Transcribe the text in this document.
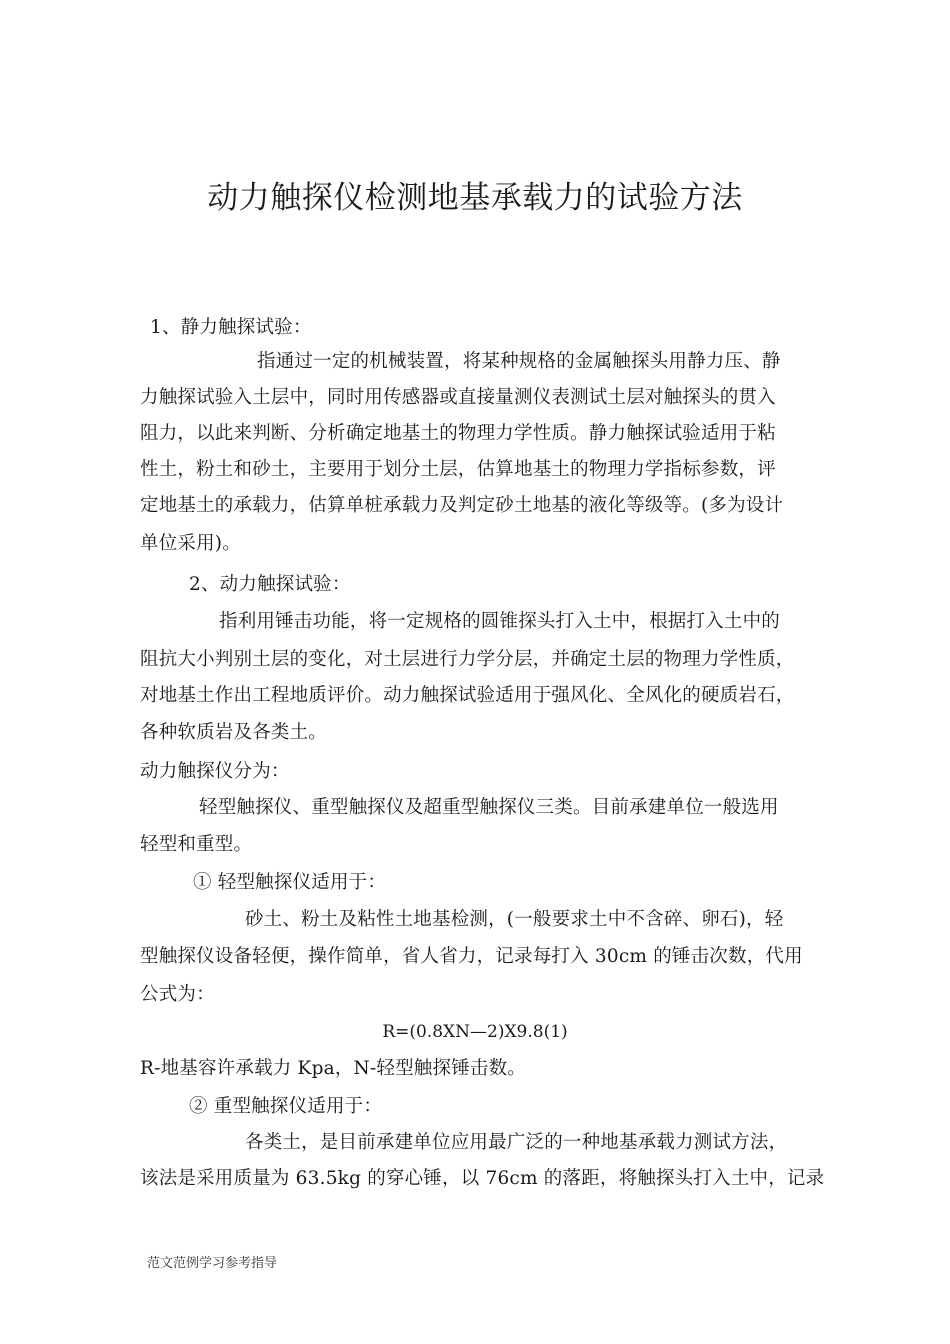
动力触探仪检测地基承载力的试验方法
1、静力触探试验：
指通过一定的机械装置，将某种规格的金属触探头用静力压、静
力触探试验入土层中，同时用传感器或直接量测仪表测试土层对触探头的贯入
阻力，以此来判断、分析确定地基土的物理力学性质。静力触探试验适用于粘
性土，粉土和砂土，主要用于划分土层，估算地基土的物理力学指标参数，评
定地基土的承载力，估算单桩承载力及判定砂土地基的液化等级等。(多为设计
单位采用)。
2、动力触探试验：
指利用锤击功能，将一定规格的圆锥探头打入土中，根据打入土中的
阻抗大小判别土层的变化，对土层进行力学分层，并确定土层的物理力学性质，
对地基土作出工程地质评价。动力触探试验适用于强风化、全风化的硬质岩石，
各种软质岩及各类土。
动力触探仪分为：
轻型触探仪、重型触探仪及超重型触探仪三类。目前承建单位一般选用
轻型和重型。
① 轻型触探仪适用于：
砂土、粉土及粘性土地基检测，(一般要求土中不含碎、卵石)，轻
型触探仪设备轻便，操作简单，省人省力，记录每打入 30cm 的锤击次数，代用
公式为：
R=(0.8XN—2)X9.8(1)
R-地基容许承载力 Kpa，N-轻型触探锤击数。
② 重型触探仪适用于：
各类土，是目前承建单位应用最广泛的一种地基承载力测试方法，
该法是采用质量为 63.5kg 的穿心锤，以 76cm 的落距，将触探头打入土中，记录
范文范例学习参考指导
